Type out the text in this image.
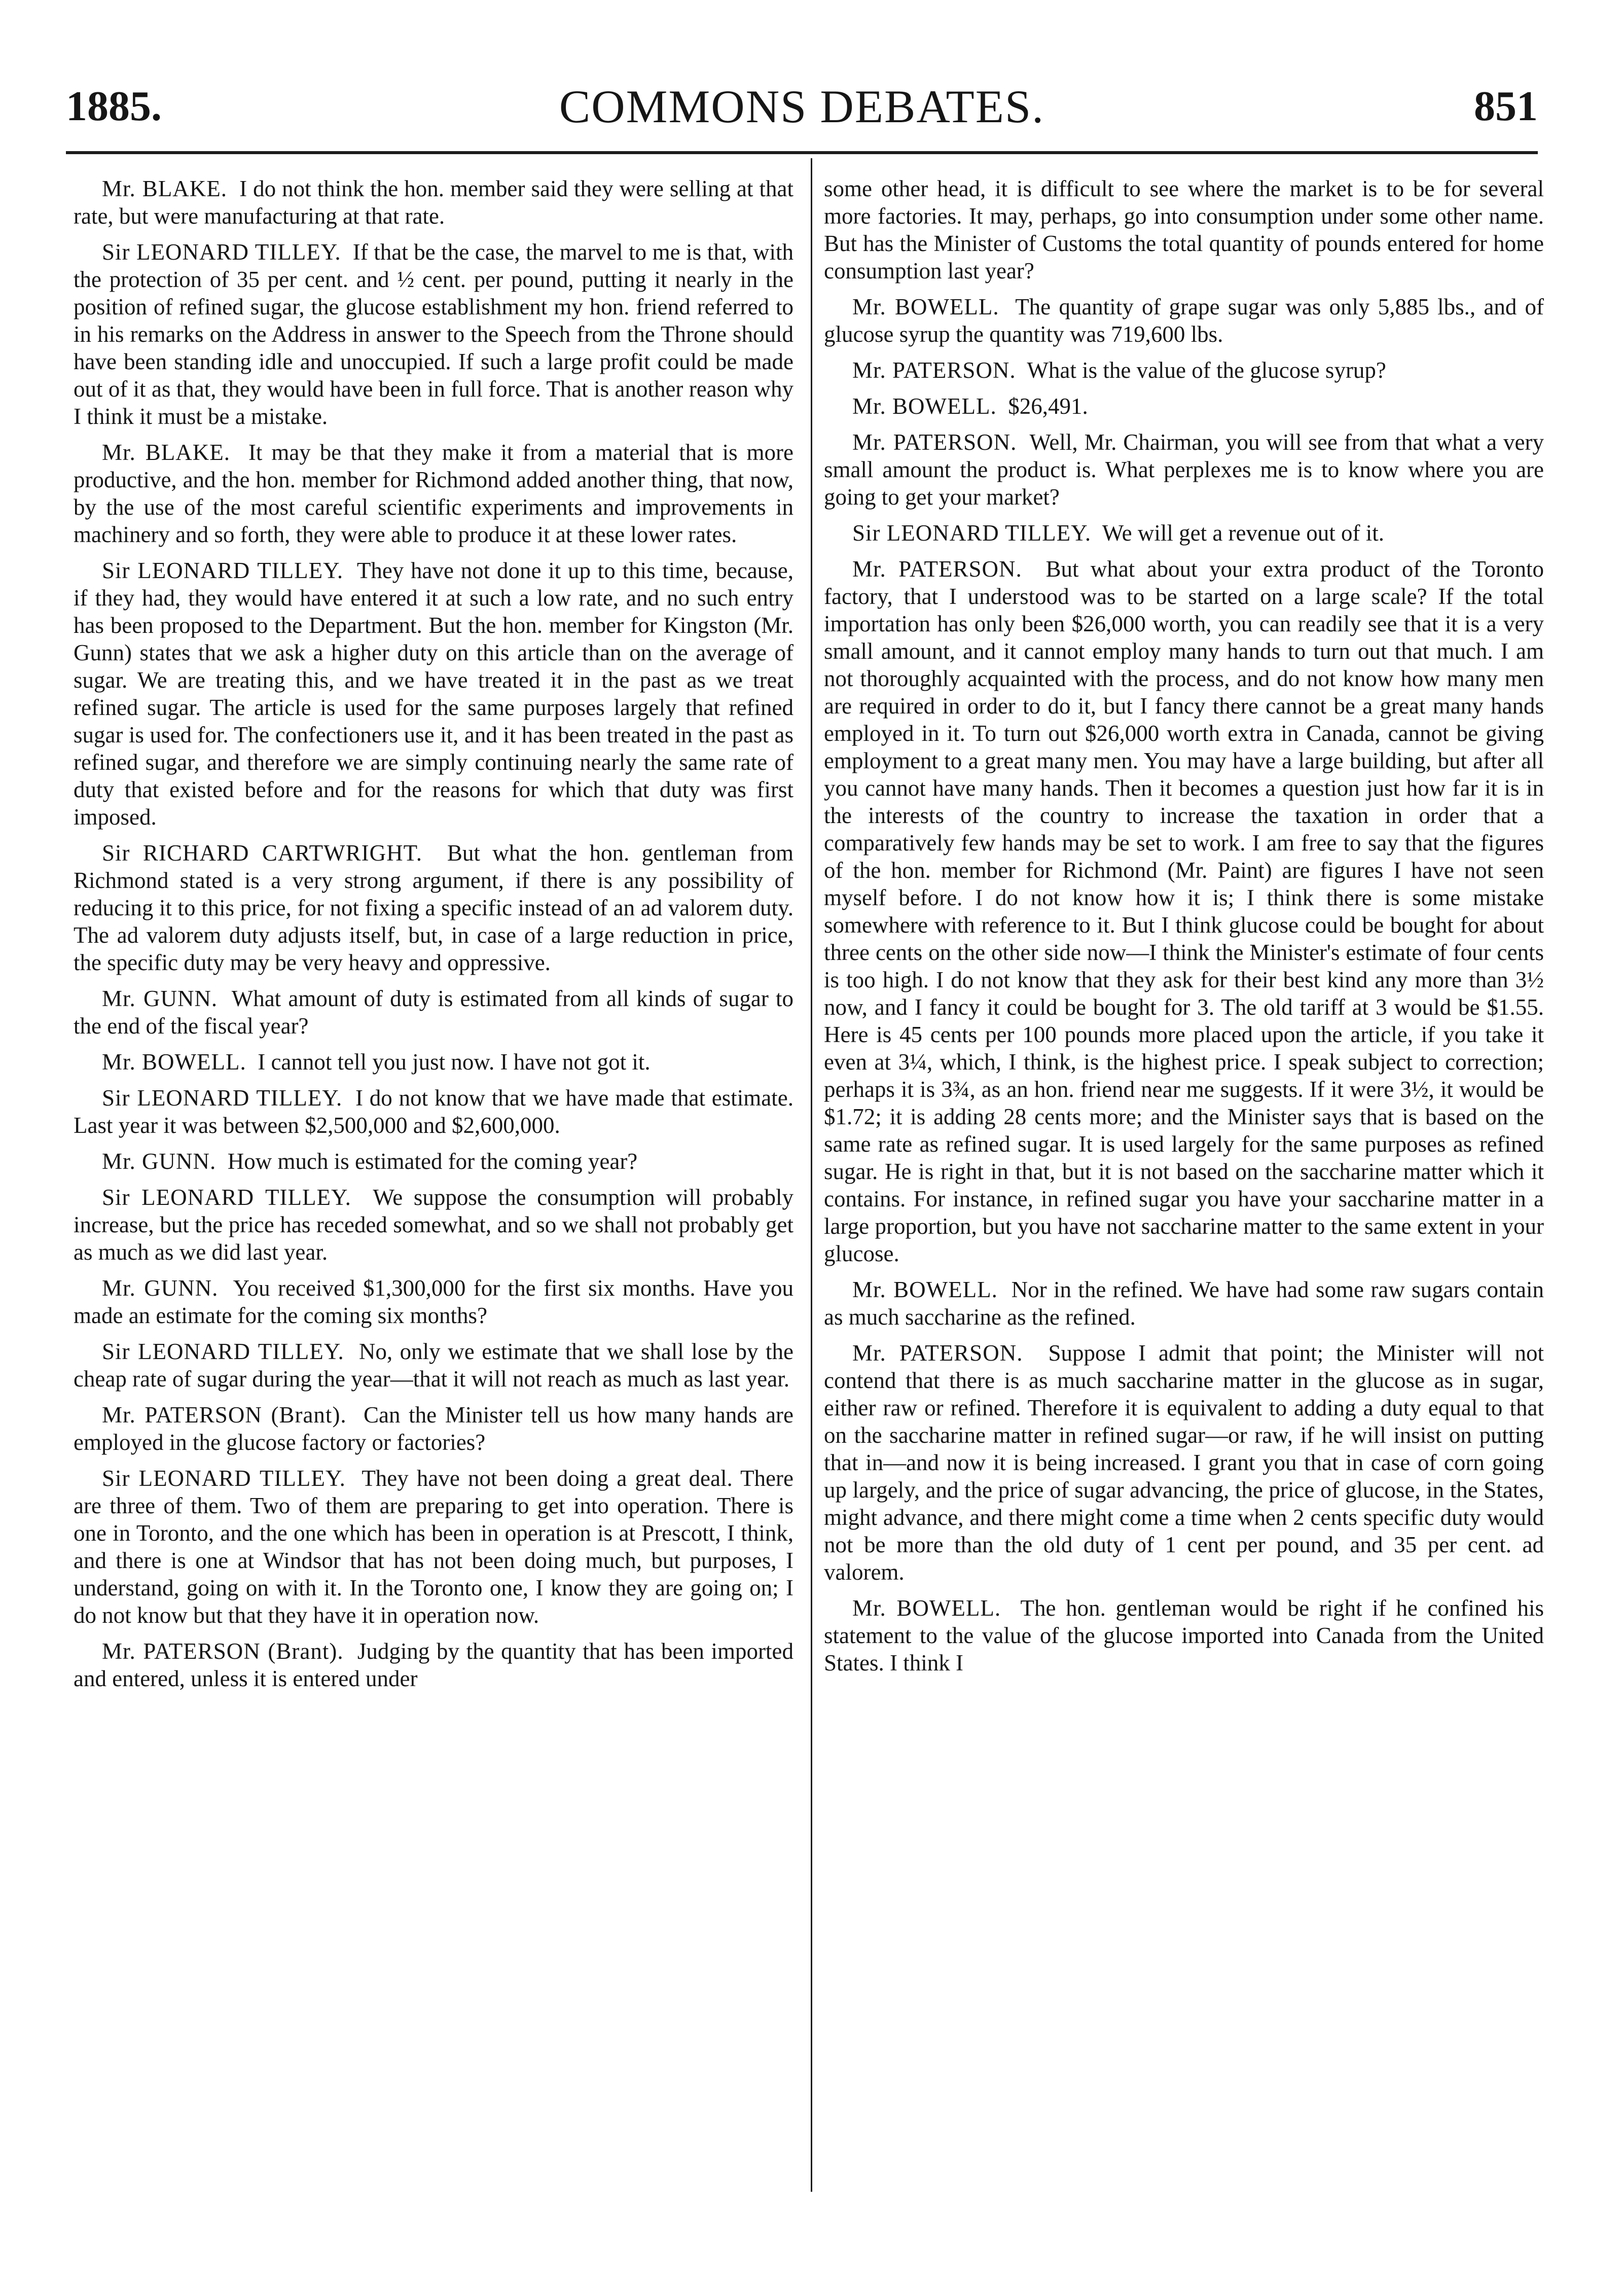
1885.	COMMONS DEBATES.	851

Mr. BLAKE. I do not think the hon. member said they were selling at that rate, but were manufacturing at that rate.

Sir LEONARD TILLEY. If that be the case, the marvel to me is that, with the protection of 35 per cent. and ½ cent. per pound, putting it nearly in the position of refined sugar, the glucose establishment my hon. friend referred to in his remarks on the Address in answer to the Speech from the Throne should have been standing idle and unoccupied. If such a large profit could be made out of it as that, they would have been in full force. That is another reason why I think it must be a mistake.

Mr. BLAKE. It may be that they make it from a material that is more productive, and the hon. member for Richmond added another thing, that now, by the use of the most careful scientific experiments and improvements in machinery and so forth, they were able to produce it at these lower rates.

Sir LEONARD TILLEY. They have not done it up to this time, because, if they had, they would have entered it at such a low rate, and no such entry has been proposed to the Department. But the hon. member for Kingston (Mr. Gunn) states that we ask a higher duty on this article than on the average of sugar. We are treating this, and we have treated it in the past as we treat refined sugar. The article is used for the same purposes largely that refined sugar is used for. The confectioners use it, and it has been treated in the past as refined sugar, and therefore we are simply continuing nearly the same rate of duty that existed before and for the reasons for which that duty was first imposed.

Sir RICHARD CARTWRIGHT. But what the hon. gentleman from Richmond stated is a very strong argument, if there is any possibility of reducing it to this price, for not fixing a specific instead of an ad valorem duty. The ad valorem duty adjusts itself, but, in case of a large reduction in price, the specific duty may be very heavy and oppressive.

Mr. GUNN. What amount of duty is estimated from all kinds of sugar to the end of the fiscal year?

Mr. BOWELL. I cannot tell you just now. I have not got it.

Sir LEONARD TILLEY. I do not know that we have made that estimate. Last year it was between $2,500,000 and $2,600,000.

Mr. GUNN. How much is estimated for the coming year?

Sir LEONARD TILLEY. We suppose the consumption will probably increase, but the price has receded somewhat, and so we shall not probably get as much as we did last year.

Mr. GUNN. You received $1,300,000 for the first six months. Have you made an estimate for the coming six months?

Sir LEONARD TILLEY. No, only we estimate that we shall lose by the cheap rate of sugar during the year—that it will not reach as much as last year.

Mr. PATERSON (Brant). Can the Minister tell us how many hands are employed in the glucose factory or factories?

Sir LEONARD TILLEY. They have not been doing a great deal. There are three of them. Two of them are preparing to get into operation. There is one in Toronto, and the one which has been in operation is at Prescott, I think, and there is one at Windsor that has not been doing much, but purposes, I understand, going on with it. In the Toronto one, I know they are going on; I do not know but that they have it in operation now.

Mr. PATERSON (Brant). Judging by the quantity that has been imported and entered, unless it is entered under

some other head, it is difficult to see where the market is to be for several more factories. It may, perhaps, go into consumption under some other name. But has the Minister of Customs the total quantity of pounds entered for home consumption last year?

Mr. BOWELL. The quantity of grape sugar was only 5,885 lbs., and of glucose syrup the quantity was 719,600 lbs.

Mr. PATERSON. What is the value of the glucose syrup?

Mr. BOWELL. $26,491.

Mr. PATERSON. Well, Mr. Chairman, you will see from that what a very small amount the product is. What perplexes me is to know where you are going to get your market?

Sir LEONARD TILLEY. We will get a revenue out of it.

Mr. PATERSON. But what about your extra product of the Toronto factory, that I understood was to be started on a large scale? If the total importation has only been $26,000 worth, you can readily see that it is a very small amount, and it cannot employ many hands to turn out that much. I am not thoroughly acquainted with the process, and do not know how many men are required in order to do it, but I fancy there cannot be a great many hands employed in it. To turn out $26,000 worth extra in Canada, cannot be giving employment to a great many men. You may have a large building, but after all you cannot have many hands. Then it becomes a question just how far it is in the interests of the country to increase the taxation in order that a comparatively few hands may be set to work. I am free to say that the figures of the hon. member for Richmond (Mr. Paint) are figures I have not seen myself before. I do not know how it is; I think there is some mistake somewhere with reference to it. But I think glucose could be bought for about three cents on the other side now—I think the Minister's estimate of four cents is too high. I do not know that they ask for their best kind any more than 3½ now, and I fancy it could be bought for 3. The old tariff at 3 would be $1.55. Here is 45 cents per 100 pounds more placed upon the article, if you take it even at 3¼, which, I think, is the highest price. I speak subject to correction; perhaps it is 3¾, as an hon. friend near me suggests. If it were 3½, it would be $1.72; it is adding 28 cents more; and the Minister says that is based on the same rate as refined sugar. It is used largely for the same purposes as refined sugar. He is right in that, but it is not based on the saccharine matter which it contains. For instance, in refined sugar you have your saccharine matter in a large proportion, but you have not saccharine matter to the same extent in your glucose.

Mr. BOWELL. Nor in the refined. We have had some raw sugars contain as much saccharine as the refined.

Mr. PATERSON. Suppose I admit that point; the Minister will not contend that there is as much saccharine matter in the glucose as in sugar, either raw or refined. Therefore it is equivalent to adding a duty equal to that on the saccharine matter in refined sugar—or raw, if he will insist on putting that in—and now it is being increased. I grant you that in case of corn going up largely, and the price of sugar advancing, the price of glucose, in the States, might advance, and there might come a time when 2 cents specific duty would not be more than the old duty of 1 cent per pound, and 35 per cent. ad valorem.

Mr. BOWELL. The hon. gentleman would be right if he confined his statement to the value of the glucose imported into Canada from the United States. I think I
